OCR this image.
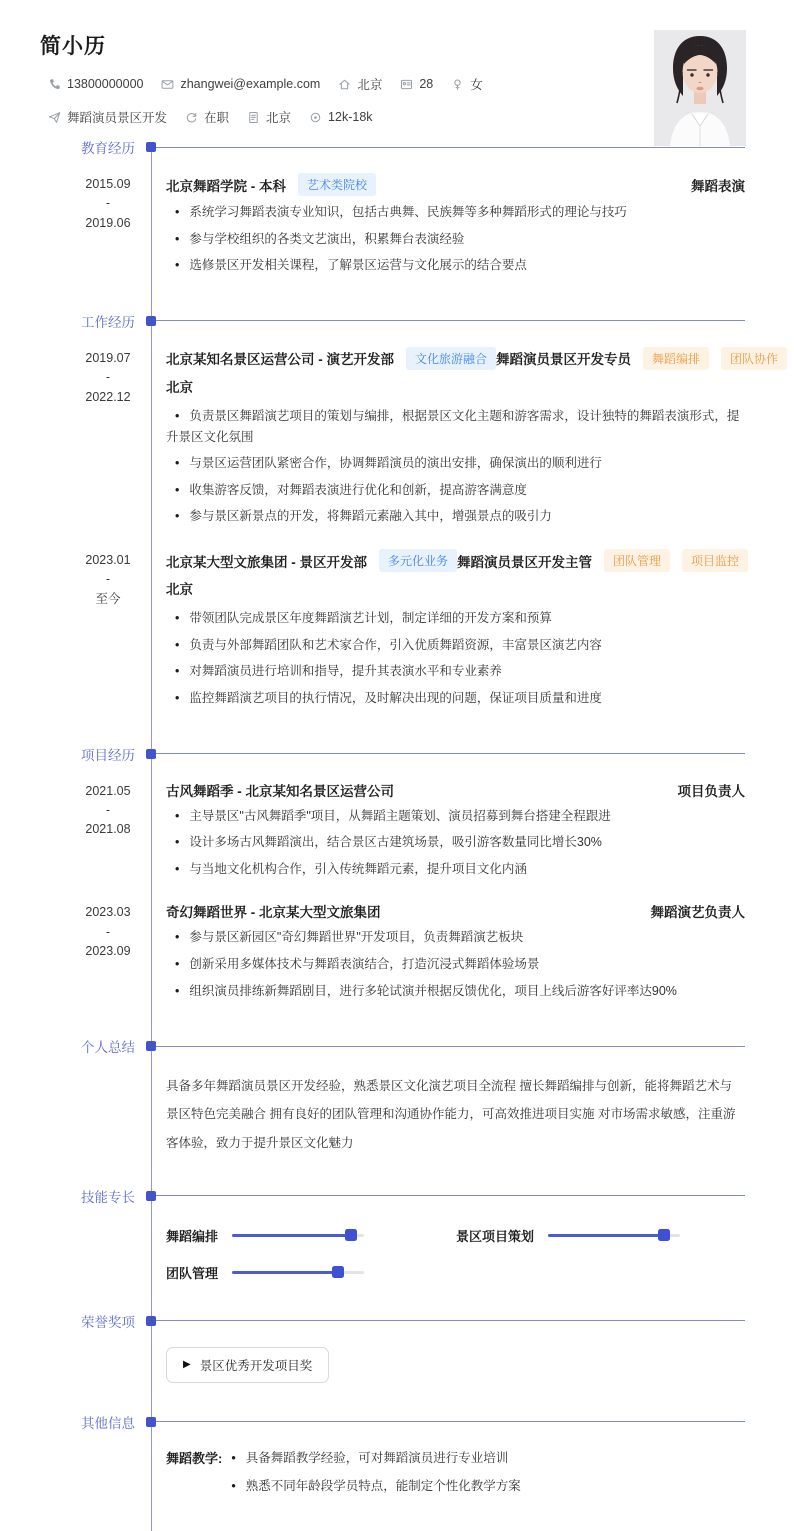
简小历
13800000000	zhangwei@example.com	北京	28	女
舞蹈演员景区开发	在职	北京	12k-18k
教育经历
2015.09
-
2019.06
北京舞蹈学院 - 本科	艺术类院校	舞蹈表演
• 系统学习舞蹈表演专业知识，包括古典舞、民族舞等多种舞蹈形式的理论与技巧
• 参与学校组织的各类文艺演出，积累舞台表演经验
• 选修景区开发相关课程，了解景区运营与文化展示的结合要点
工作经历
2019.07
-
2022.12
北京某知名景区运营公司 - 演艺开发部	文化旅游融合 舞蹈演员景区开发专员	舞蹈编排	团队协作
北京
• 负责景区舞蹈演艺项目的策划与编排，根据景区文化主题和游客需求，设计独特的舞蹈表演形式，提升景区文化氛围
• 与景区运营团队紧密合作，协调舞蹈演员的演出安排，确保演出的顺利进行
• 收集游客反馈，对舞蹈表演进行优化和创新，提高游客满意度
• 参与景区新景点的开发，将舞蹈元素融入其中，增强景点的吸引力
2023.01
-
至今
北京某大型文旅集团 - 景区开发部	多元化业务 舞蹈演员景区开发主管	团队管理	项目监控
北京
• 带领团队完成景区年度舞蹈演艺计划，制定详细的开发方案和预算
• 负责与外部舞蹈团队和艺术家合作，引入优质舞蹈资源，丰富景区演艺内容
• 对舞蹈演员进行培训和指导，提升其表演水平和专业素养
• 监控舞蹈演艺项目的执行情况，及时解决出现的问题，保证项目质量和进度
项目经历
2021.05
-
2021.08
古风舞蹈季 - 北京某知名景区运营公司	项目负责人
• 主导景区"古风舞蹈季"项目，从舞蹈主题策划、演员招募到舞台搭建全程跟进
• 设计多场古风舞蹈演出，结合景区古建筑场景，吸引游客数量同比增长30%
• 与当地文化机构合作，引入传统舞蹈元素，提升项目文化内涵
2023.03
-
2023.09
奇幻舞蹈世界 - 北京某大型文旅集团	舞蹈演艺负责人
• 参与景区新园区"奇幻舞蹈世界"开发项目，负责舞蹈演艺板块
• 创新采用多媒体技术与舞蹈表演结合，打造沉浸式舞蹈体验场景
• 组织演员排练新舞蹈剧目，进行多轮试演并根据反馈优化，项目上线后游客好评率达90%
个人总结

具备多年舞蹈演员景区开发经验，熟悉景区文化演艺项目全流程 擅长舞蹈编排与创新，能将舞蹈艺术与景区特色完美融合 拥有良好的团队管理和沟通协作能力，可高效推进项目实施 对市场需求敏感，注重游客体验，致力于提升景区文化魅力

技能专长
舞蹈编排	景区项目策划
团队管理
荣誉奖项
▶ 景区优秀开发项目奖
其他信息
舞蹈教学:	• 具备舞蹈教学经验，可对舞蹈演员进行专业培训
• 熟悉不同年龄段学员特点，能制定个性化教学方案
